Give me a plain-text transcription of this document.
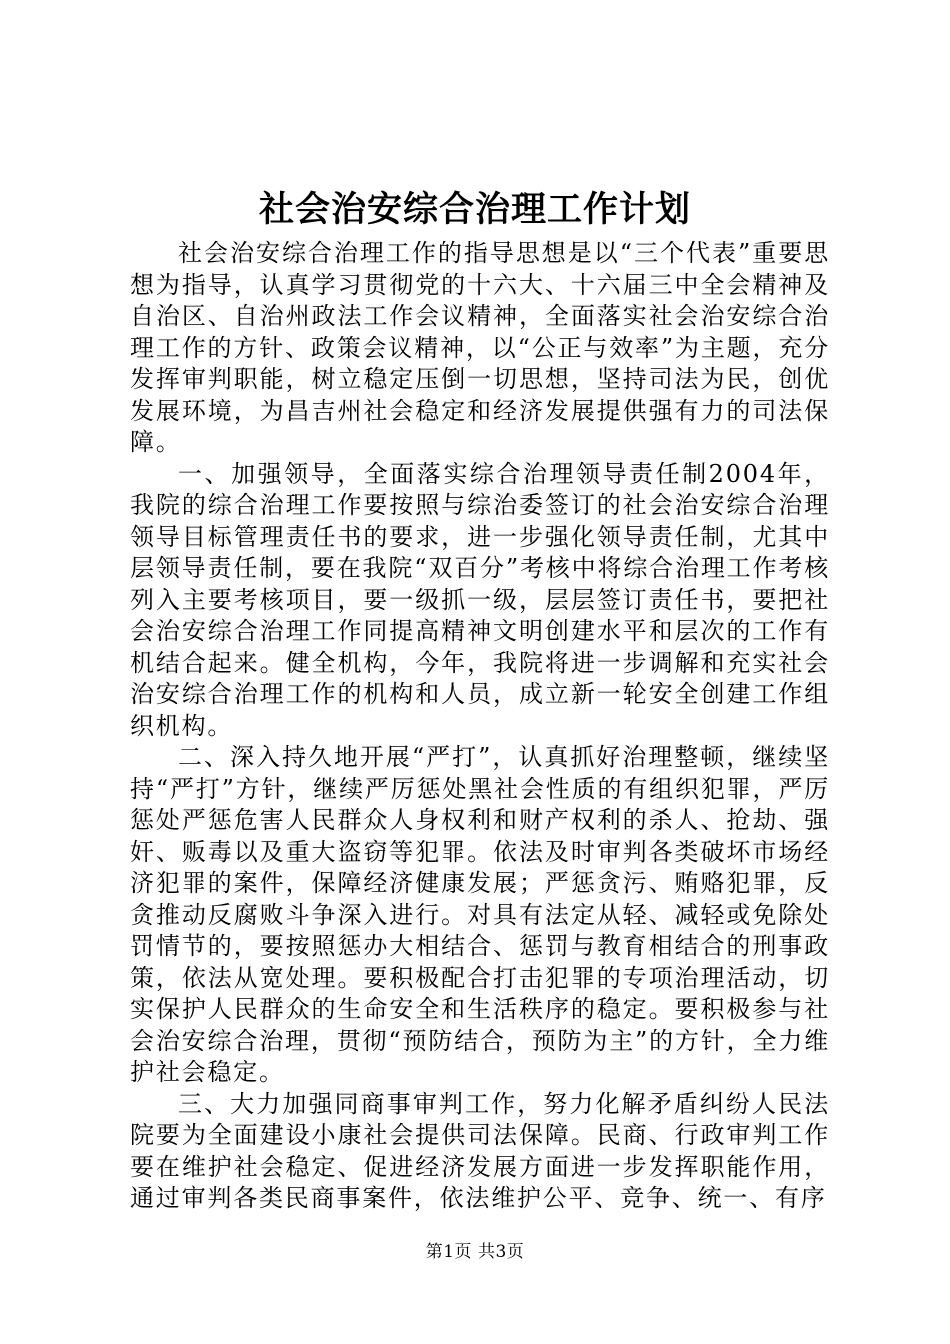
社会治安综合治理工作计划

社会治安综合治理工作的指导思想是以“三个代表”重要思想为指导，认真学习贯彻党的十六大、十六届三中全会精神及自治区、自治州政法工作会议精神，全面落实社会治安综合治理工作的方针、政策会议精神，以“公正与效率”为主题，充分发挥审判职能，树立稳定压倒一切思想，坚持司法为民，创优发展环境，为昌吉州社会稳定和经济发展提供强有力的司法保障。

一、加强领导，全面落实综合治理领导责任制2004年，我院的综合治理工作要按照与综治委签订的社会治安综合治理领导目标管理责任书的要求，进一步强化领导责任制，尤其中层领导责任制，要在我院“双百分”考核中将综合治理工作考核列入主要考核项目，要一级抓一级，层层签订责任书，要把社会治安综合治理工作同提高精神文明创建水平和层次的工作有机结合起来。健全机构，今年，我院将进一步调解和充实社会治安综合治理工作的机构和人员，成立新一轮安全创建工作组织机构。

二、深入持久地开展“严打”，认真抓好治理整顿，继续坚持“严打”方针，继续严厉惩处黑社会性质的有组织犯罪，严厉惩处严惩危害人民群众人身权利和财产权利的杀人、抢劫、强奸、贩毒以及重大盗窃等犯罪。依法及时审判各类破坏市场经济犯罪的案件，保障经济健康发展；严惩贪污、贿赂犯罪，反贪推动反腐败斗争深入进行。对具有法定从轻、减轻或免除处罚情节的，要按照惩办大相结合、惩罚与教育相结合的刑事政策，依法从宽处理。要积极配合打击犯罪的专项治理活动，切实保护人民群众的生命安全和生活秩序的稳定。要积极参与社会治安综合治理，贯彻“预防结合，预防为主”的方针，全力维护社会稳定。

三、大力加强同商事审判工作，努力化解矛盾纠纷人民法院要为全面建设小康社会提供司法保障。民商、行政审判工作要在维护社会稳定、促进经济发展方面进一步发挥职能作用，通过审判各类民商事案件，依法维护公平、竞争、统一、有序

第1页 共3页
